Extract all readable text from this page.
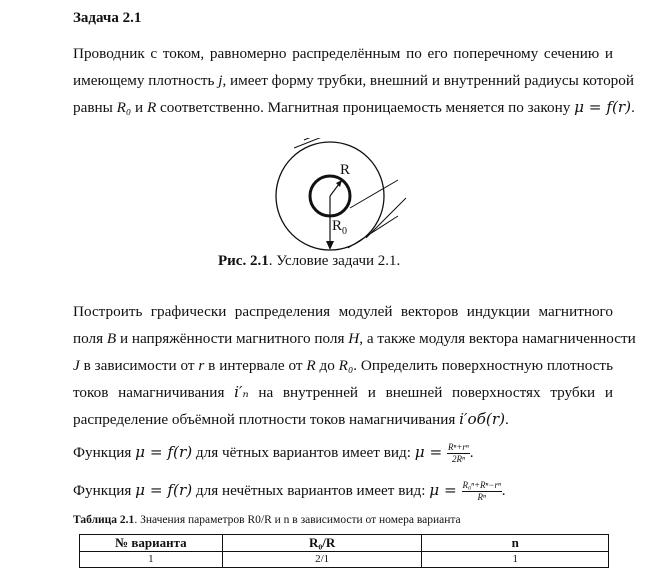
Задача 2.1
Проводник с током, равномерно распределённым по его поперечному сечению и
имеющему плотность j, имеет форму трубки, внешний и внутренний радиусы которой
равны R₀ и R соответственно. Магнитная проницаемость меняется по закону μ = f(r).
R
$R_0$
Рис. 2.1. Условие задачи 2.1.
Построить графически распределения модулей векторов индукции магнитного
поля B и напряжённости магнитного поля H, а также модуля вектора намагниченности
J в зависимости от r в интервале от R до R₀. Определить поверхностную плотность
токов намагничивания i′ₙ на внутренней и внешней поверхностях трубки и
распределение объёмной плотности токов намагничивания i′об(r).
Функция μ = f(r) для чётных вариантов имеет вид: $\mu = \frac{\text{Rⁿ+rⁿ}}{\text{2Rⁿ}}$ .
Функция μ = f(r) для нечётных вариантов имеет вид: $\mu = \frac{\text{R₀ⁿ+Rⁿ−rⁿ}}{\text{Rⁿ}}$ .
Таблица 2.1. Значения параметров R0/R и n в зависимости от номера варианта
№ варианта	R₀/R	n
1	2/1	1
